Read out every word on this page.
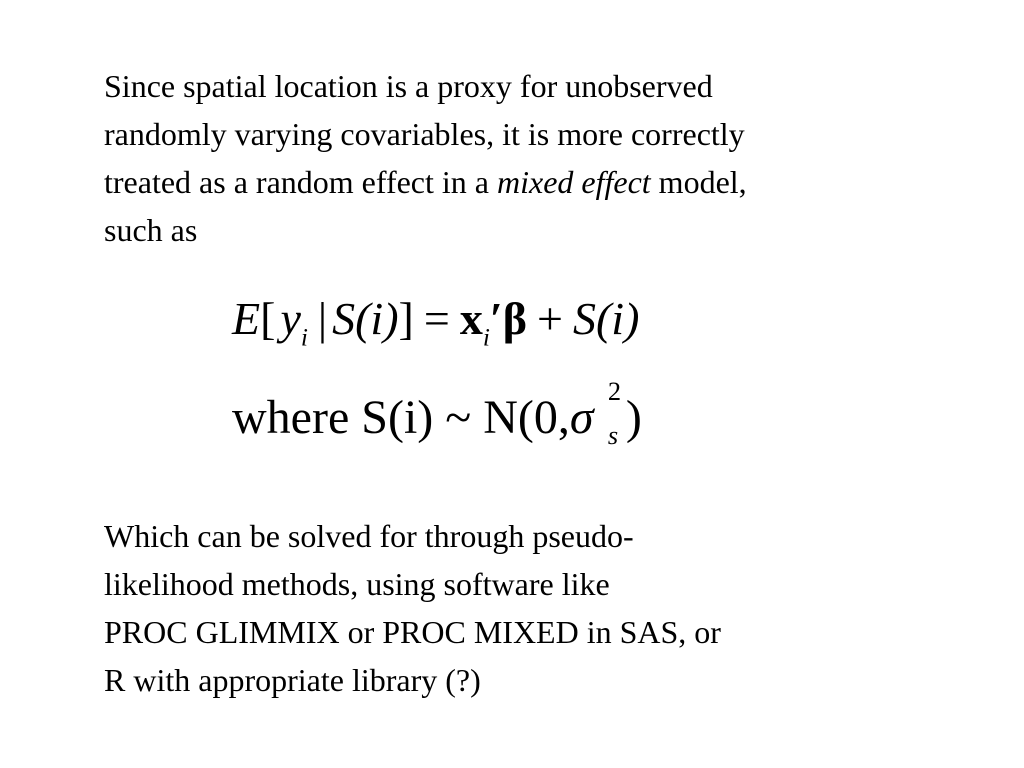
Since spatial location is a proxy for unobserved
randomly varying covariables, it is more correctly
treated as a random effect in a mixed effect model,
such as

E[ $y_i$ | $S(i)] = x_i'\beta + S(i)$
where S(i) ~ N(0,σ 2
s )

Which can be solved for through pseudo-
likelihood methods, using software like
PROC GLIMMIX or PROC MIXED in SAS, or
R with appropriate library (?)
